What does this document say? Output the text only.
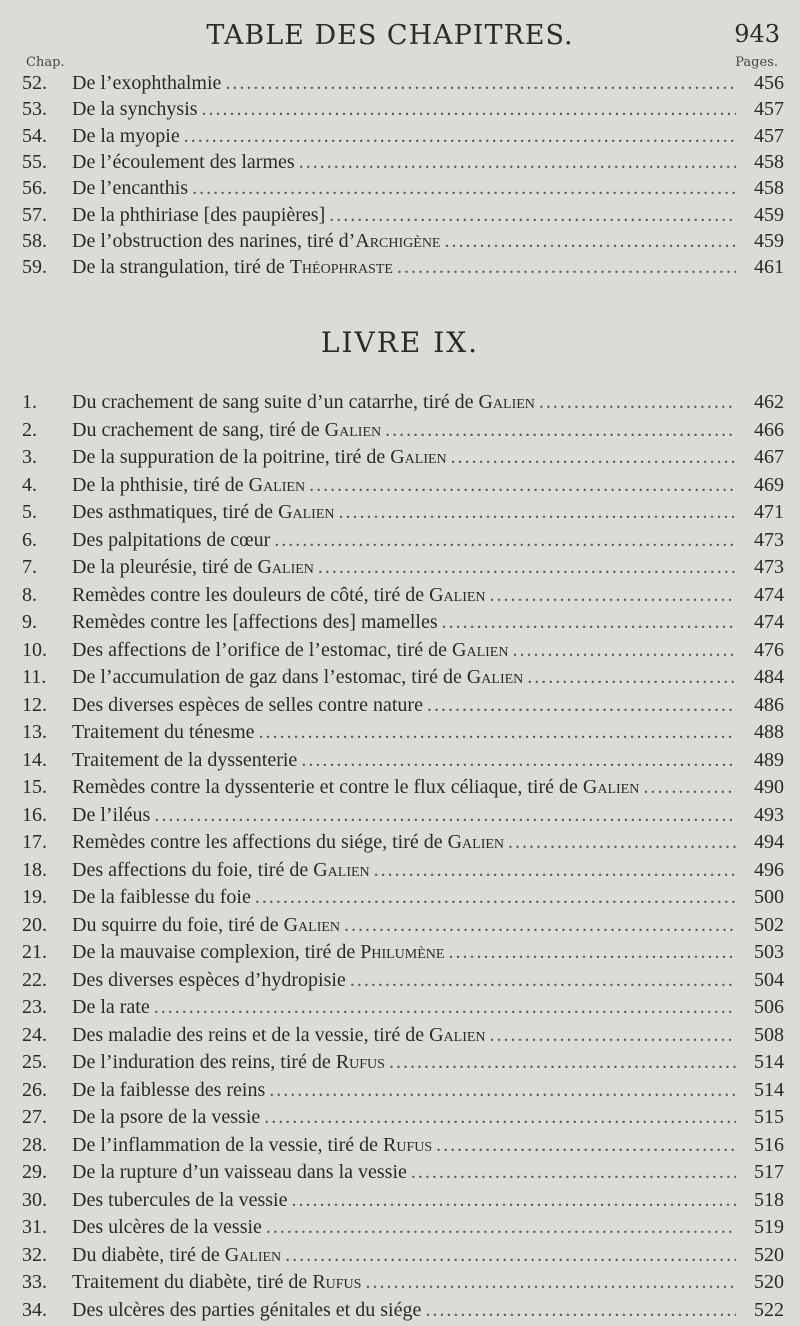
TABLE DES CHAPITRES.	943
Chap.	Pages.
52.	De l’exophthalmie .....	456
53.	De la synchysis .....	457
54.	De la myopie .....	457
55.	De l’écoulement des larmes .....	458
56.	De l’encanthis .....	458
57.	De la phthiriase [des paupières] .....	459
58.	De l’obstruction des narines, tiré d’Archigène .....	459
59.	De la strangulation, tiré de Théophraste .....	461
LIVRE IX.
1.	Du crachement de sang suite d’un catarrhe, tiré de Galien .....	462
2.	Du crachement de sang, tiré de Galien .....	466
3.	De la suppuration de la poitrine, tiré de Galien .....	467
4.	De la phthisie, tiré de Galien .....	469
5.	Des asthmatiques, tiré de Galien .....	471
6.	Des palpitations de cœur .....	473
7.	De la pleurésie, tiré de Galien .....	473
8.	Remèdes contre les douleurs de côté, tiré de Galien .....	474
9.	Remèdes contre les [affections des] mamelles .....	474
10.	Des affections de l’orifice de l’estomac, tiré de Galien .....	476
11.	De l’accumulation de gaz dans l’estomac, tiré de Galien .....	484
12.	Des diverses espèces de selles contre nature .....	486
13.	Traitement du ténesme .....	488
14.	Traitement de la dyssenterie .....	489
15.	Remèdes contre la dyssenterie et contre le flux céliaque, tiré de Galien .....	490
16.	De l’iléus .....	493
17.	Remèdes contre les affections du siége, tiré de Galien .....	494
18.	Des affections du foie, tiré de Galien .....	496
19.	De la faiblesse du foie .....	500
20.	Du squirre du foie, tiré de Galien .....	502
21.	De la mauvaise complexion, tiré de Philumène .....	503
22.	Des diverses espèces d’hydropisie .....	504
23.	De la rate .....	506
24.	Des maladie des reins et de la vessie, tiré de Galien .....	508
25.	De l’induration des reins, tiré de Rufus .....	514
26.	De la faiblesse des reins .....	514
27.	De la psore de la vessie .....	515
28.	De l’inflammation de la vessie, tiré de Rufus .....	516
29.	De la rupture d’un vaisseau dans la vessie .....	517
30.	Des tubercules de la vessie .....	518
31.	Des ulcères de la vessie .....	519
32.	Du diabète, tiré de Galien .....	520
33.	Traitement du diabète, tiré de Rufus .....	520
34.	Des ulcères des parties génitales et du siége .....	522
